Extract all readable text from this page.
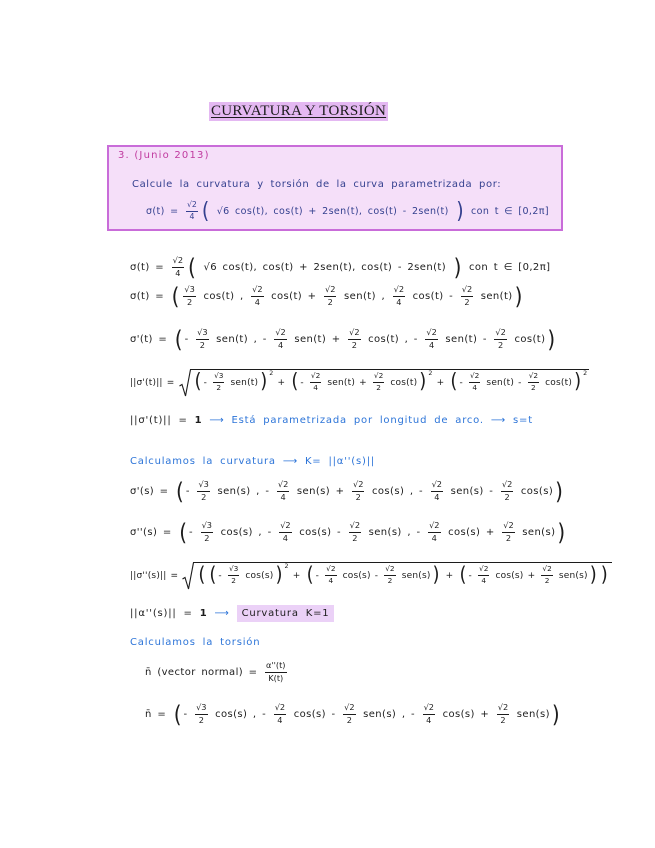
CURVATURA Y TORSIÓN
3. (Junio 2013)
Calcule la curvatura y torsión de la curva parametrizada por:
$\sigma(t) = \frac{√2}{4}$ ( √6 cos(t), cos(t) + 2sen(t), cos(t) - 2sen(t) ) con t ∈ [0,2π]
$\sigma(t) = \frac{√2}{4}$ ( √6 cos(t), cos(t) + 2sen(t), cos(t) - 2sen(t) ) con t ∈ [0,2π]
σ(t) = ( $\frac{√3}{2} \cos(t)$ , $\frac{√2}{4} \cos(t) + \frac{√2}{2} sen(t)$ , $\frac{√2}{4} \cos(t) - \frac{√2}{2} sen(t)$ )
σ'(t) = ( - $\frac{√3}{2} sen(t)$ , - $\frac{√2}{4} sen(t) + \frac{√2}{2} \cos(t)$ , - $\frac{√2}{4} sen(t) - \frac{√2}{2} \cos(t)$ )
||σ'(t)|| = ( - $\frac{√3}{2} sen(t)$ ) $^2$ + ( - $\frac{√2}{4} sen(t) + \frac{√2}{2} \cos(t)$ ) $^2$ + ( - $\frac{√2}{4} sen(t) - \frac{√2}{2} \cos(t)$ ) $^2$
||σ'(t)|| = 1 ⟶ Está parametrizada por longitud de arco. ⟶ s=t
Calculamos la curvatura ⟶ K= ||α''(s)||
σ'(s) = ( - $\frac{√3}{2} sen(s)$ , - $\frac{√2}{4} sen(s) + \frac{√2}{2} \cos(s)$ , - $\frac{√2}{4} sen(s) - \frac{√2}{2} \cos(s)$ )
σ''(s) = ( - $\frac{√3}{2} \cos(s)$ , - $\frac{√2}{4} \cos(s) - \frac{√2}{2} sen(s)$ , - $\frac{√2}{4} \cos(s) + \frac{√2}{2} sen(s)$ )
||σ''(s)|| = ( ( - $\frac{√3}{2} \cos(s)$ ) $^2$ + ( - $\frac{√2}{4} \cos(s) - \frac{√2}{2} sen(s)$ ) + ( - $\frac{√2}{4} \cos(s) + \frac{√2}{2} sen(s)$ ) )
||α''(s)|| = 1 ⟶ Curvatura K=1
Calculamos la torsión
n̄ (vector normal) = $\frac{\alpha''(t)}{K(t)}$
n̄ = ( - $\frac{√3}{2} \cos(s)$ , - $\frac{√2}{4} \cos(s) - \frac{√2}{2} sen(s)$ , - $\frac{√2}{4} \cos(s) + \frac{√2}{2} sen(s)$ )
